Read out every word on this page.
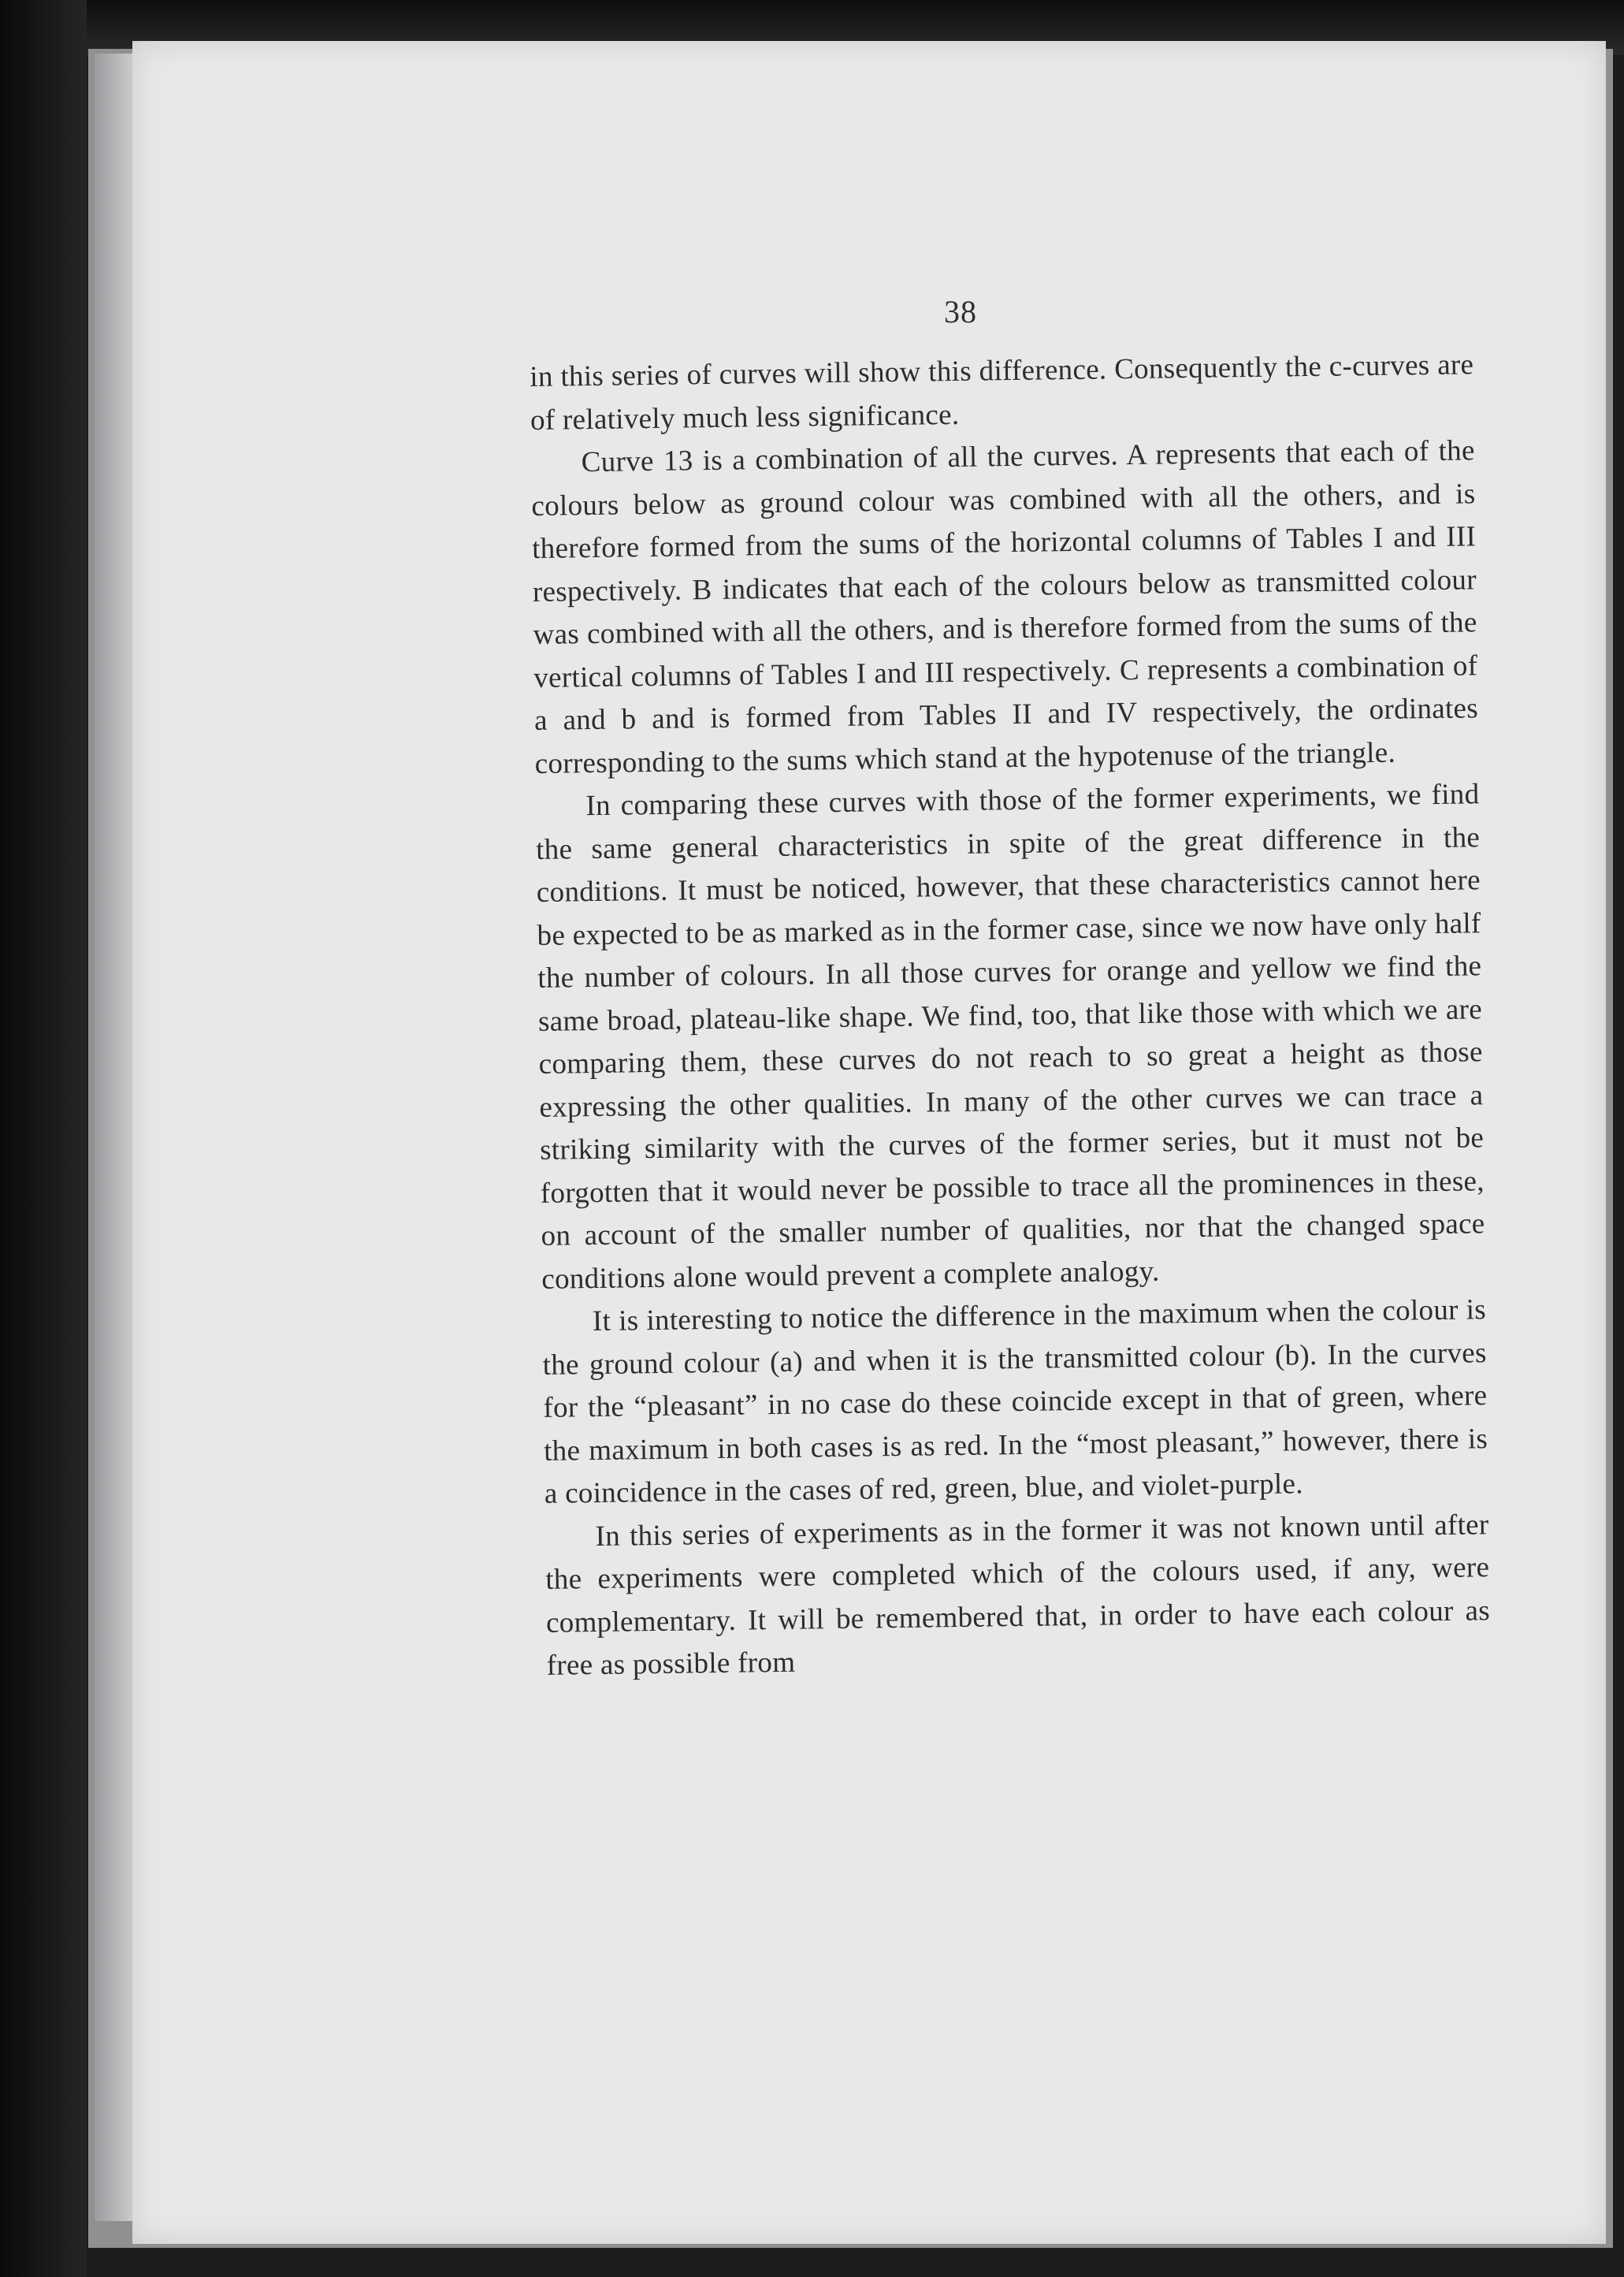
38

in this series of curves will show this difference. Consequently the c-curves are of relatively much less significance.

Curve 13 is a combination of all the curves. A represents that each of the colours below as ground colour was combined with all the others, and is therefore formed from the sums of the horizontal columns of Tables I and III respectively. B indicates that each of the colours below as transmitted colour was combined with all the others, and is therefore formed from the sums of the vertical columns of Tables I and III respectively. C represents a combination of a and b and is formed from Tables II and IV respectively, the ordinates corresponding to the sums which stand at the hypotenuse of the triangle.

In comparing these curves with those of the former experiments, we find the same general characteristics in spite of the great difference in the conditions. It must be noticed, however, that these characteristics cannot here be expected to be as marked as in the former case, since we now have only half the number of colours. In all those curves for orange and yellow we find the same broad, plateau-like shape. We find, too, that like those with which we are comparing them, these curves do not reach to so great a height as those expressing the other qualities. In many of the other curves we can trace a striking similarity with the curves of the former series, but it must not be forgotten that it would never be possible to trace all the prominences in these, on account of the smaller number of qualities, nor that the changed space conditions alone would prevent a complete analogy.

It is interesting to notice the difference in the maximum when the colour is the ground colour (a) and when it is the transmitted colour (b). In the curves for the “pleasant” in no case do these coincide except in that of green, where the maximum in both cases is as red. In the “most pleasant,” however, there is a coincidence in the cases of red, green, blue, and violet-purple.

In this series of experiments as in the former it was not known until after the experiments were completed which of the colours used, if any, were complementary. It will be remembered that, in order to have each colour as free as possible from
